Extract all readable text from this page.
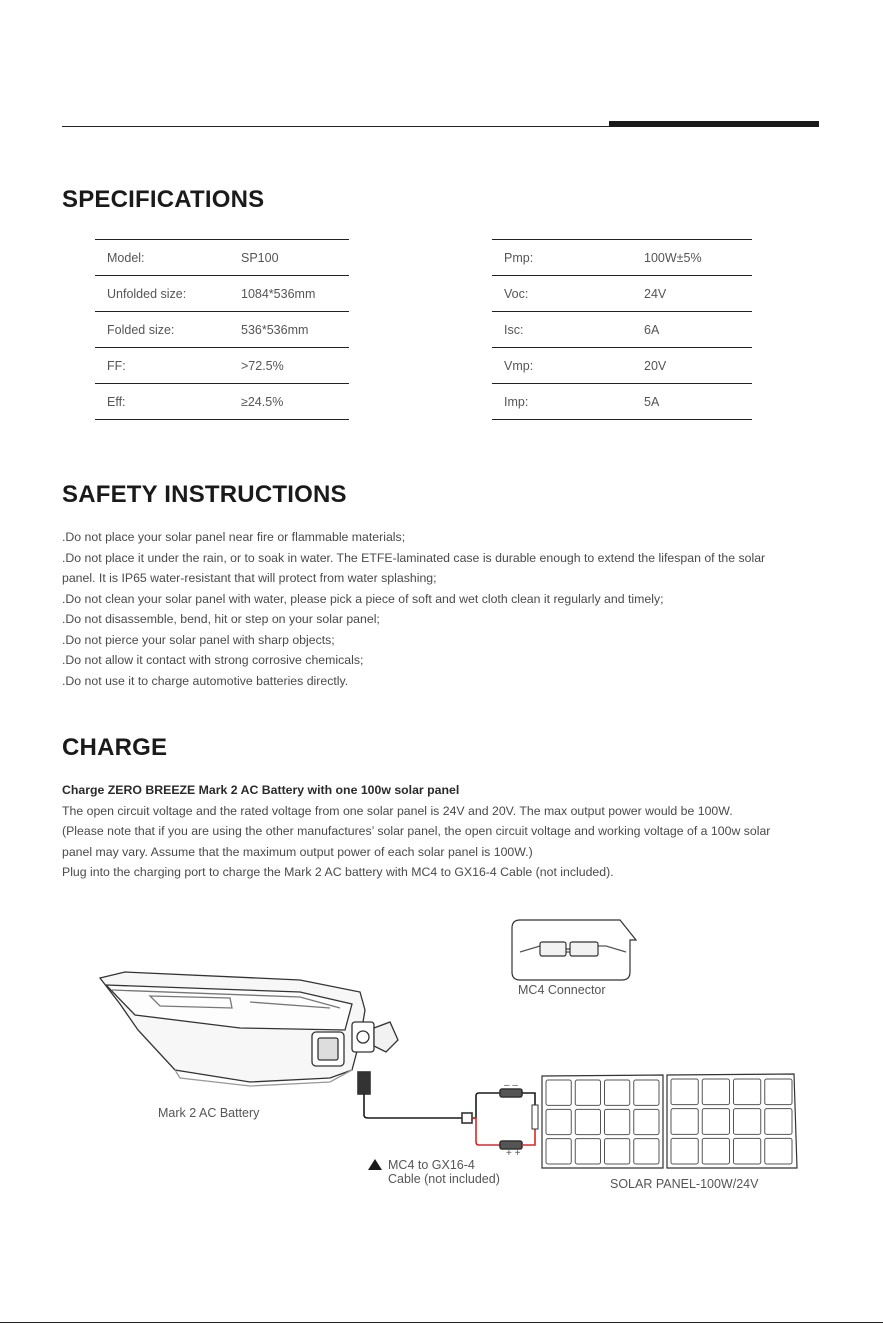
SPECIFICATIONS
Model:	SP100
Unfolded size:	1084*536mm
Folded size:	536*536mm
FF:	>72.5%
Eff:	≥24.5%
Pmp:	100W±5%
Voc:	24V
Isc:	6A
Vmp:	20V
Imp:	5A
SAFETY INSTRUCTIONS
.Do not place your solar panel near fire or flammable materials;
.Do not place it under the rain, or to soak in water. The ETFE-laminated case is durable enough to extend the lifespan of the solar
panel. It is IP65 water-resistant that will protect from water splashing;
.Do not clean your solar panel with water, please pick a piece of soft and wet cloth clean it regularly and timely;
.Do not disassemble, bend, hit or step on your solar panel;
.Do not pierce your solar panel with sharp objects;
.Do not allow it contact with strong corrosive chemicals;
.Do not use it to charge automotive batteries directly.
CHARGE
Charge ZERO BREEZE Mark 2 AC Battery with one 100w solar panel
The open circuit voltage and the rated voltage from one solar panel is 24V and 20V. The max output power would be 100W.
(Please note that if you are using the other manufactures’ solar panel, the open circuit voltage and working voltage of a 100w solar
panel may vary. Assume that the maximum output power of each solar panel is 100W.)
Plug into the charging port to charge the Mark 2 AC battery with MC4 to GX16-4 Cable (not included).
MC4 Connector
Mark 2 AC Battery
– –
+ +
MC4 to GX16-4
Cable (not included)	SOLAR PANEL-100W/24V
